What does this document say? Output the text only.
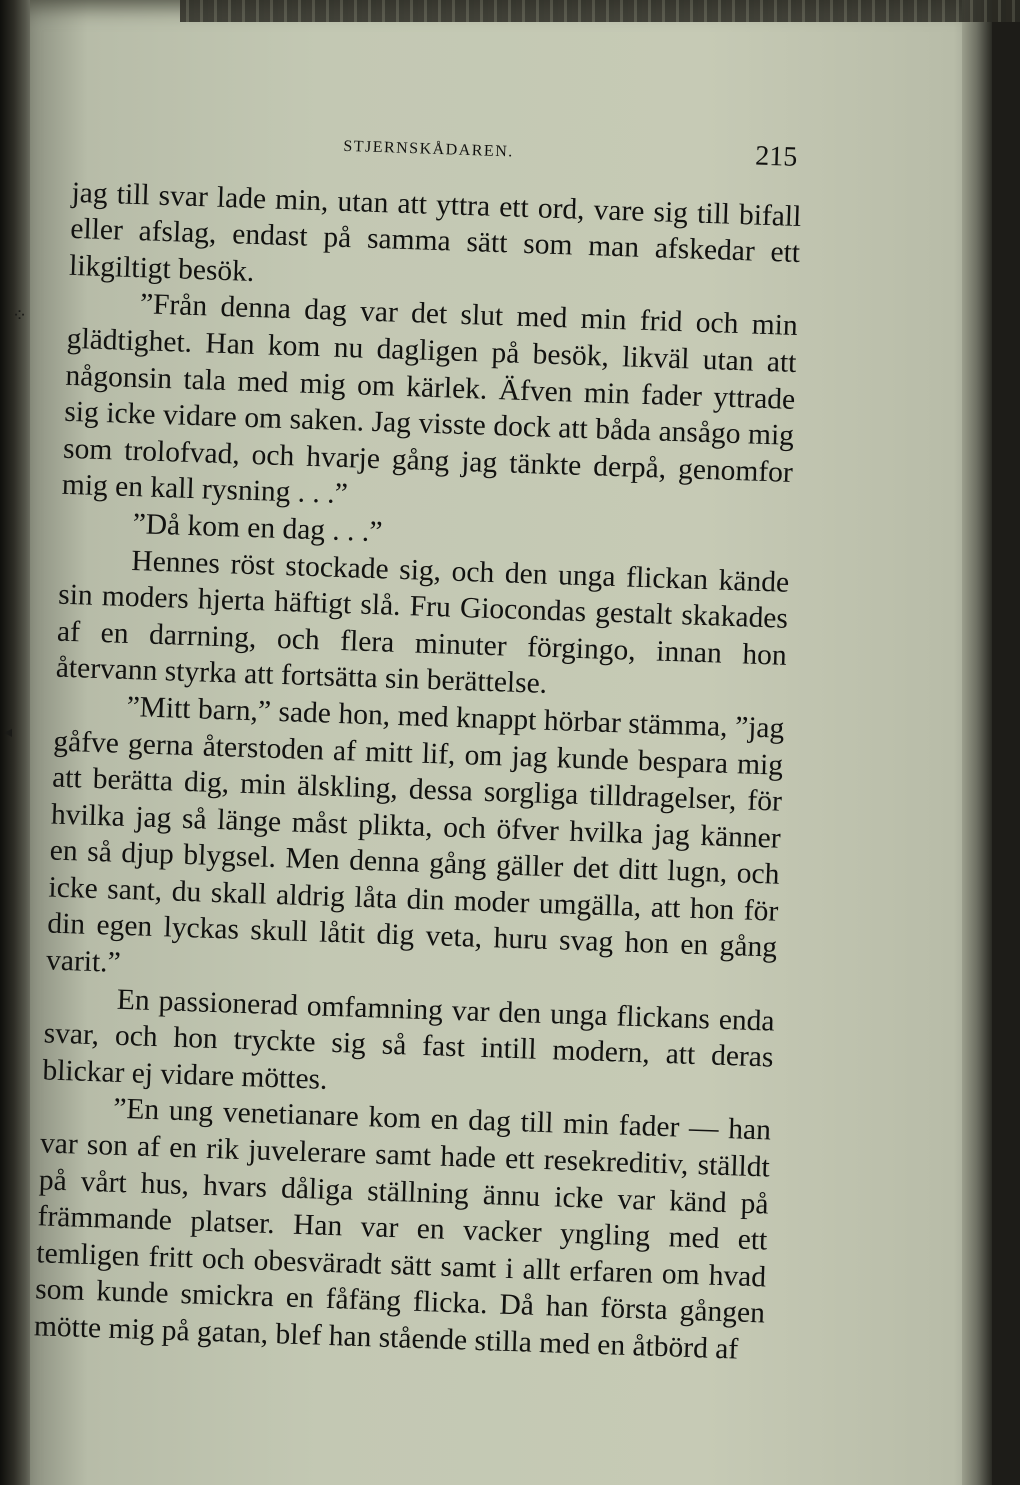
⁘
◂
STJERNSKÅDAREN.	215

jag till svar lade min, utan att yttra ett ord, vare sig till bifall eller afslag, endast på samma sätt som man afskedar ett likgiltigt besök.

”Från denna dag var det slut med min frid och min glädtighet. Han kom nu dagligen på besök, likväl utan att någonsin tala med mig om kärlek. Äfven min fader yttrade sig icke vidare om saken. Jag visste dock att båda ansågo mig som trolofvad, och hvarje gång jag tänkte derpå, genomfor mig en kall rysning . . .”

”Då kom en dag . . .”

Hennes röst stockade sig, och den unga flickan kände sin moders hjerta häftigt slå. Fru Giocondas gestalt skakades af en darrning, och flera minuter förgingo, innan hon återvann styrka att fortsätta sin berättelse.

”Mitt barn,” sade hon, med knappt hörbar stämma, ”jag gåfve gerna återstoden af mitt lif, om jag kunde bespara mig att berätta dig, min älskling, dessa sorgliga tilldragelser, för hvilka jag så länge måst plikta, och öfver hvilka jag känner en så djup blygsel. Men denna gång gäller det ditt lugn, och icke sant, du skall aldrig låta din moder umgälla, att hon för din egen lyckas skull låtit dig veta, huru svag hon en gång varit.”

En passionerad omfamning var den unga flickans enda svar, och hon tryckte sig så fast intill modern, att deras blickar ej vidare möttes.

”En ung venetianare kom en dag till min fader — han var son af en rik juvelerare samt hade ett resekreditiv, ställdt på vårt hus, hvars dåliga ställning ännu icke var känd på främmande platser. Han var en vacker yngling med ett temligen fritt och obesväradt sätt samt i allt erfaren om hvad som kunde smickra en fåfäng flicka. Då han första gången mötte mig på gatan, blef han stående stilla med en åtbörd af
